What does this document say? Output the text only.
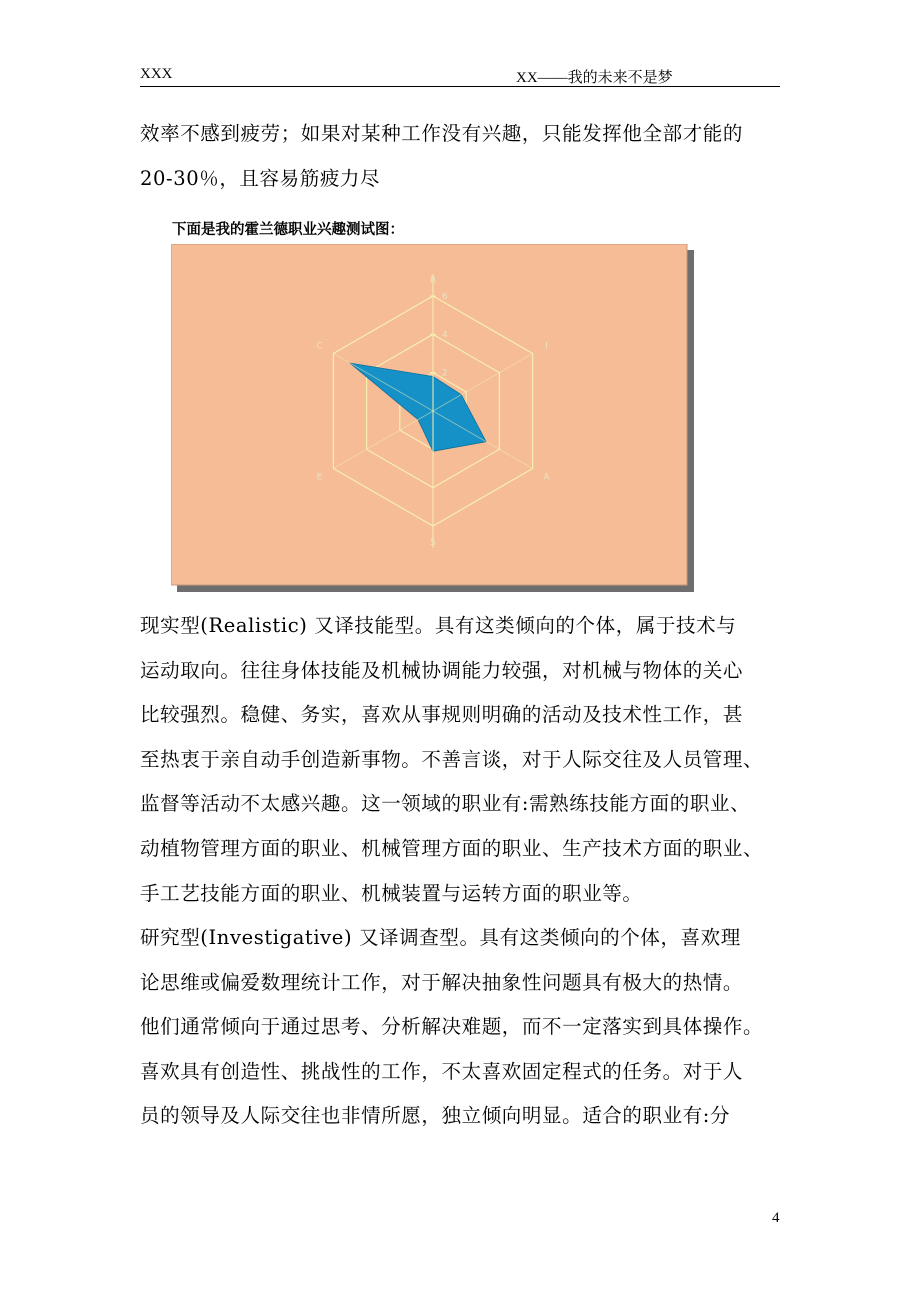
XXX	XX——我的未来不是梦
效率不感到疲劳；如果对某种工作没有兴趣，只能发挥他全部才能的
20-30％，且容易筋疲力尽
下面是我的霍兰德职业兴趣测试图：
R
I
A
S
E
C
2
4
6
现实型(Realistic) 又译技能型。具有这类倾向的个体，属于技术与
运动取向。往往身体技能及机械协调能力较强，对机械与物体的关心
比较强烈。稳健、务实，喜欢从事规则明确的活动及技术性工作，甚
至热衷于亲自动手创造新事物。不善言谈，对于人际交往及人员管理、
监督等活动不太感兴趣。这一领域的职业有:需熟练技能方面的职业、
动植物管理方面的职业、机械管理方面的职业、生产技术方面的职业、
手工艺技能方面的职业、机械装置与运转方面的职业等。
研究型(Investigative) 又译调查型。具有这类倾向的个体，喜欢理
论思维或偏爱数理统计工作，对于解决抽象性问题具有极大的热情。
他们通常倾向于通过思考、分析解决难题，而不一定落实到具体操作。
喜欢具有创造性、挑战性的工作，不太喜欢固定程式的任务。对于人
员的领导及人际交往也非情所愿，独立倾向明显。适合的职业有:分
4
